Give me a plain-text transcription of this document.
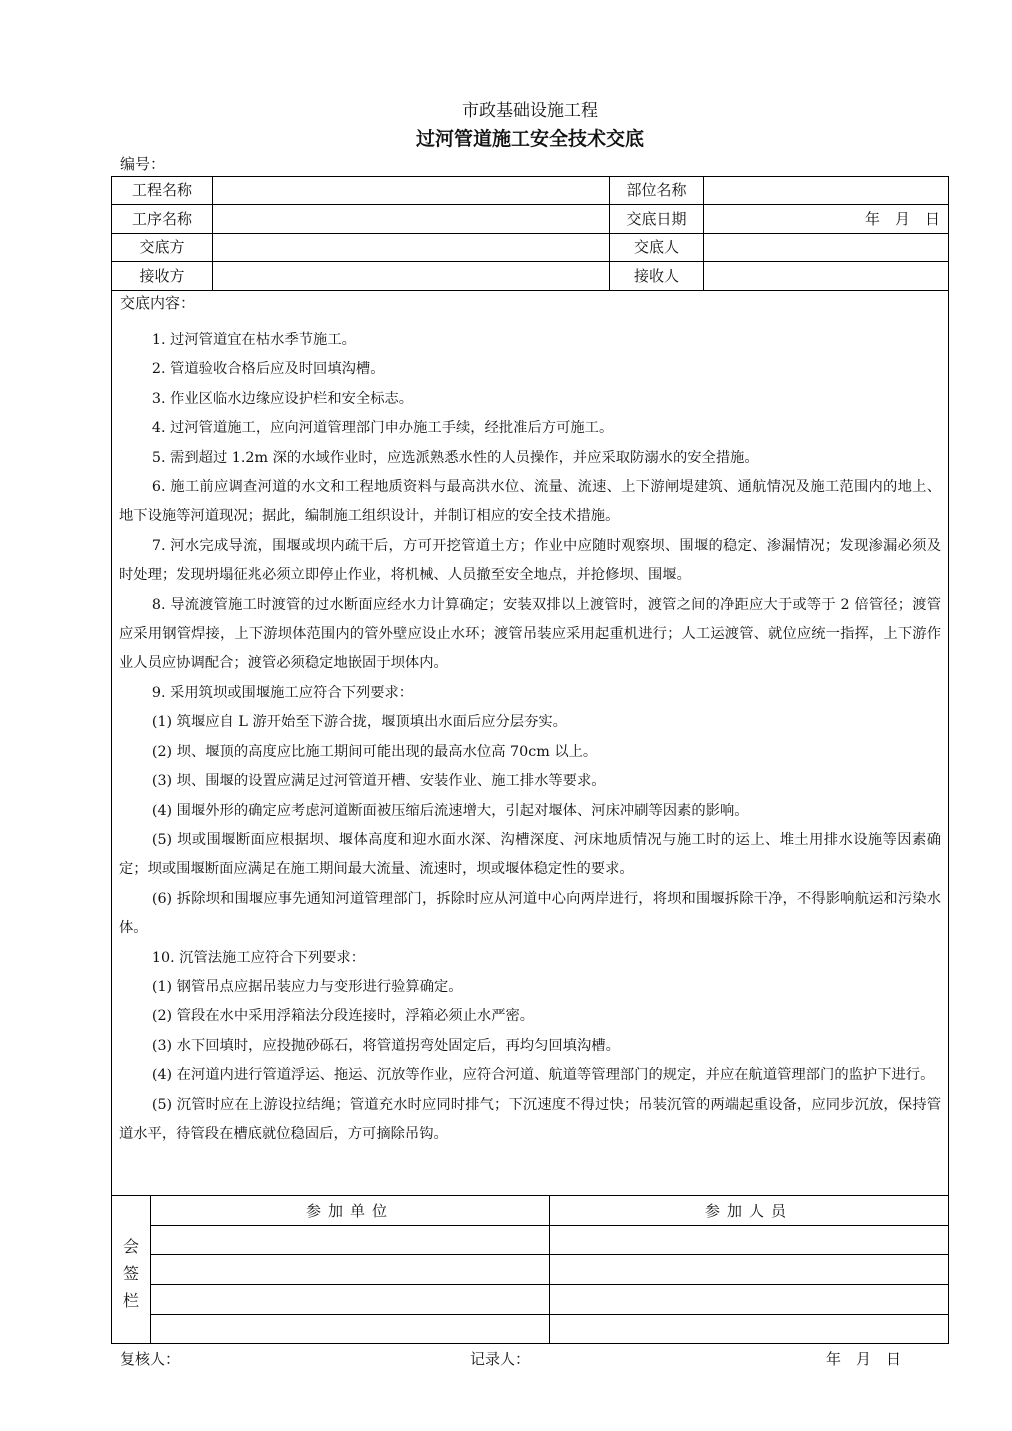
市政基础设施工程
过河管道施工安全技术交底
编号：
工程名称	部位名称
工序名称	交底日期	年　月　日
交底方	交底人
接收方	接收人
交底内容：

1. 过河管道宜在枯水季节施工。

2. 管道验收合格后应及时回填沟槽。

3. 作业区临水边缘应设护栏和安全标志。

4. 过河管道施工，应向河道管理部门申办施工手续，经批准后方可施工。

5. 需到超过 1.2m 深的水域作业时，应选派熟悉水性的人员操作，并应采取防溺水的安全措施。

6. 施工前应调查河道的水文和工程地质资料与最高洪水位、流量、流速、上下游闸堤建筑、通航情况及施工范围内的地上、地下设施等河道现况；据此，编制施工组织设计，并制订相应的安全技术措施。

7. 河水完成导流，围堰或坝内疏干后，方可开挖管道土方；作业中应随时观察坝、围堰的稳定、渗漏情况；发现渗漏必须及时处理；发现坍塌征兆必须立即停止作业，将机械、人员撤至安全地点，并抢修坝、围堰。

8. 导流渡管施工时渡管的过水断面应经水力计算确定；安装双排以上渡管时，渡管之间的净距应大于或等于 2 倍管径；渡管应采用钢管焊接，上下游坝体范围内的管外壁应设止水环；渡管吊装应采用起重机进行；人工运渡管、就位应统一指挥，上下游作业人员应协调配合；渡管必须稳定地嵌固于坝体内。

9. 采用筑坝或围堰施工应符合下列要求：

(1) 筑堰应自 L 游开始至下游合拢，堰顶填出水面后应分层夯实。

(2) 坝、堰顶的高度应比施工期间可能出现的最高水位高 70cm 以上。

(3) 坝、围堰的设置应满足过河管道开槽、安装作业、施工排水等要求。

(4) 围堰外形的确定应考虑河道断面被压缩后流速增大，引起对堰体、河床冲刷等因素的影响。

(5) 坝或围堰断面应根据坝、堰体高度和迎水面水深、沟槽深度、河床地质情况与施工时的运上、堆土用排水设施等因素确定；坝或围堰断面应满足在施工期间最大流量、流速时，坝或堰体稳定性的要求。

(6) 拆除坝和围堰应事先通知河道管理部门，拆除时应从河道中心向两岸进行，将坝和围堰拆除干净，不得影响航运和污染水体。

10. 沉管法施工应符合下列要求：

(1) 钢管吊点应据吊装应力与变形进行验算确定。

(2) 管段在水中采用浮箱法分段连接时，浮箱必须止水严密。

(3) 水下回填时，应投抛砂砾石，将管道拐弯处固定后，再均匀回填沟槽。

(4) 在河道内进行管道浮运、拖运、沉放等作业，应符合河道、航道等管理部门的规定，并应在航道管理部门的监护下进行。

(5) 沉管时应在上游设拉结绳；管道充水时应同时排气；下沉速度不得过快；吊装沉管的两端起重设备，应同步沉放，保持管道水平，待管段在槽底就位稳固后，方可摘除吊钩。

会
签
栏
参加单位	参加人员
复核人：	记录人：	年　月　日
